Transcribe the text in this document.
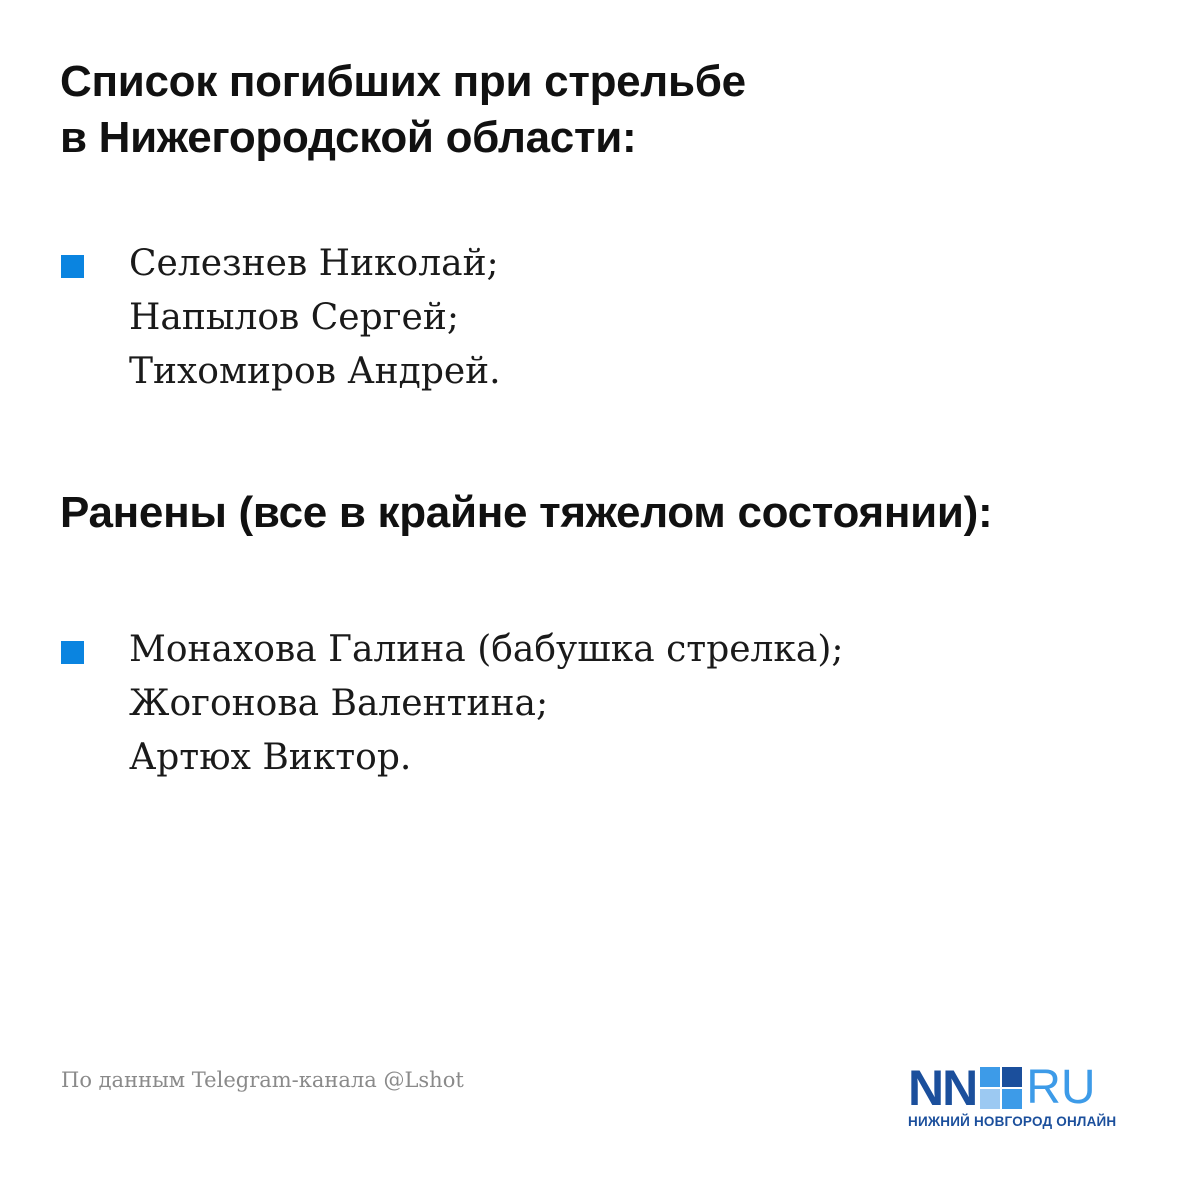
Список погибших при стрельбе
в Нижегородской области:
Селезнев Николай;
Напылов Сергей;
Тихомиров Андрей.
Ранены (все в крайне тяжелом состоянии):
Монахова Галина (бабушка стрелка);
Жогонова Валентина;
Артюх Виктор.
По данным Telegram-канала @Lshot	NN RU
НИЖНИЙ НОВГОРОД ОНЛАЙН
